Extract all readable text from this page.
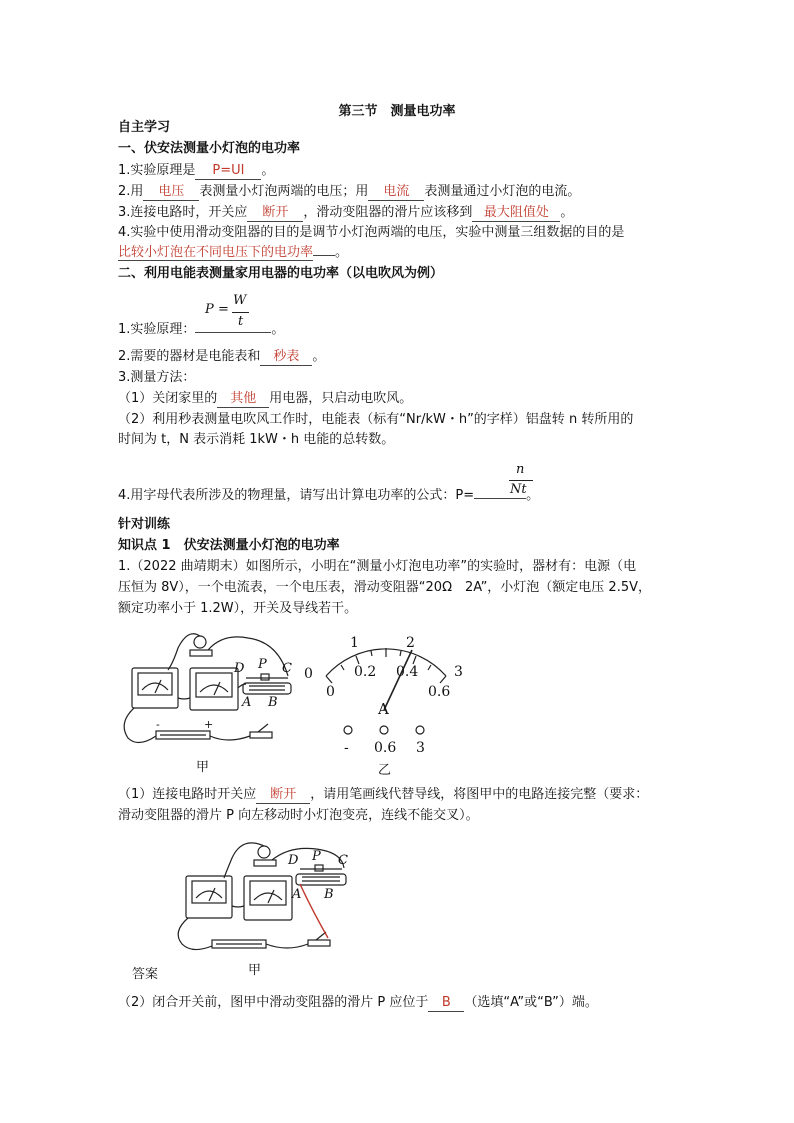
第三节　测量电功率
自主学习
一、伏安法测量小灯泡的电功率
1.实验原理是 P=UI 。
2.用 电压 表测量小灯泡两端的电压；用 电流 表测量通过小灯泡的电流。
3.连接电路时，开关应 断开 ，滑动变阻器的滑片应该移到 最大阻值处 。
4.实验中使用滑动变阻器的目的是调节小灯泡两端的电压，实验中测量三组数据的目的是
比较小灯泡在不同电压下的电功率 。
二、利用电能表测量家用电器的电功率（以电吹风为例）
P =
W
t
1.实验原理：	。
2.需要的器材是电能表和 秒表 。
3.测量方法：
（1）关闭家里的 其他 用电器，只启动电吹风。
（2）利用秒表测量电吹风工作时，电能表（标有“Nr/kW・h”的字样）铝盘转 n 转所用的
时间为 t，N 表示消耗 1kW・h 电能的总转数。
n
Nt
4.用字母代表所涉及的物理量，请写出计算电功率的公式：P=	。
针对训练
知识点 1　伏安法测量小灯泡的电功率
1.（2022 曲靖期末）如图所示，小明在“测量小灯泡电功率”的实验时，器材有：电源（电
压恒为 8V），一个电流表，一个电压表，滑动变阻器“20Ω　2A”，小灯泡（额定电压 2.5V，
额定功率小于 1.2W），开关及导线若干。
D P C
A B
-	+
甲
0
1	2
3
0
0.2 0.4
0.6
A
- 0.6 3
乙
（1）连接电路时开关应 断开 ，请用笔画线代替导线，将图甲中的电路连接完整（要求：
滑动变阻器的滑片 P 向左移动时小灯泡变亮，连线不能交叉）。
D P C
A B
答案	甲
（2）闭合开关前，图甲中滑动变阻器的滑片 P 应位于 B （选填“A”或“B”）端。
